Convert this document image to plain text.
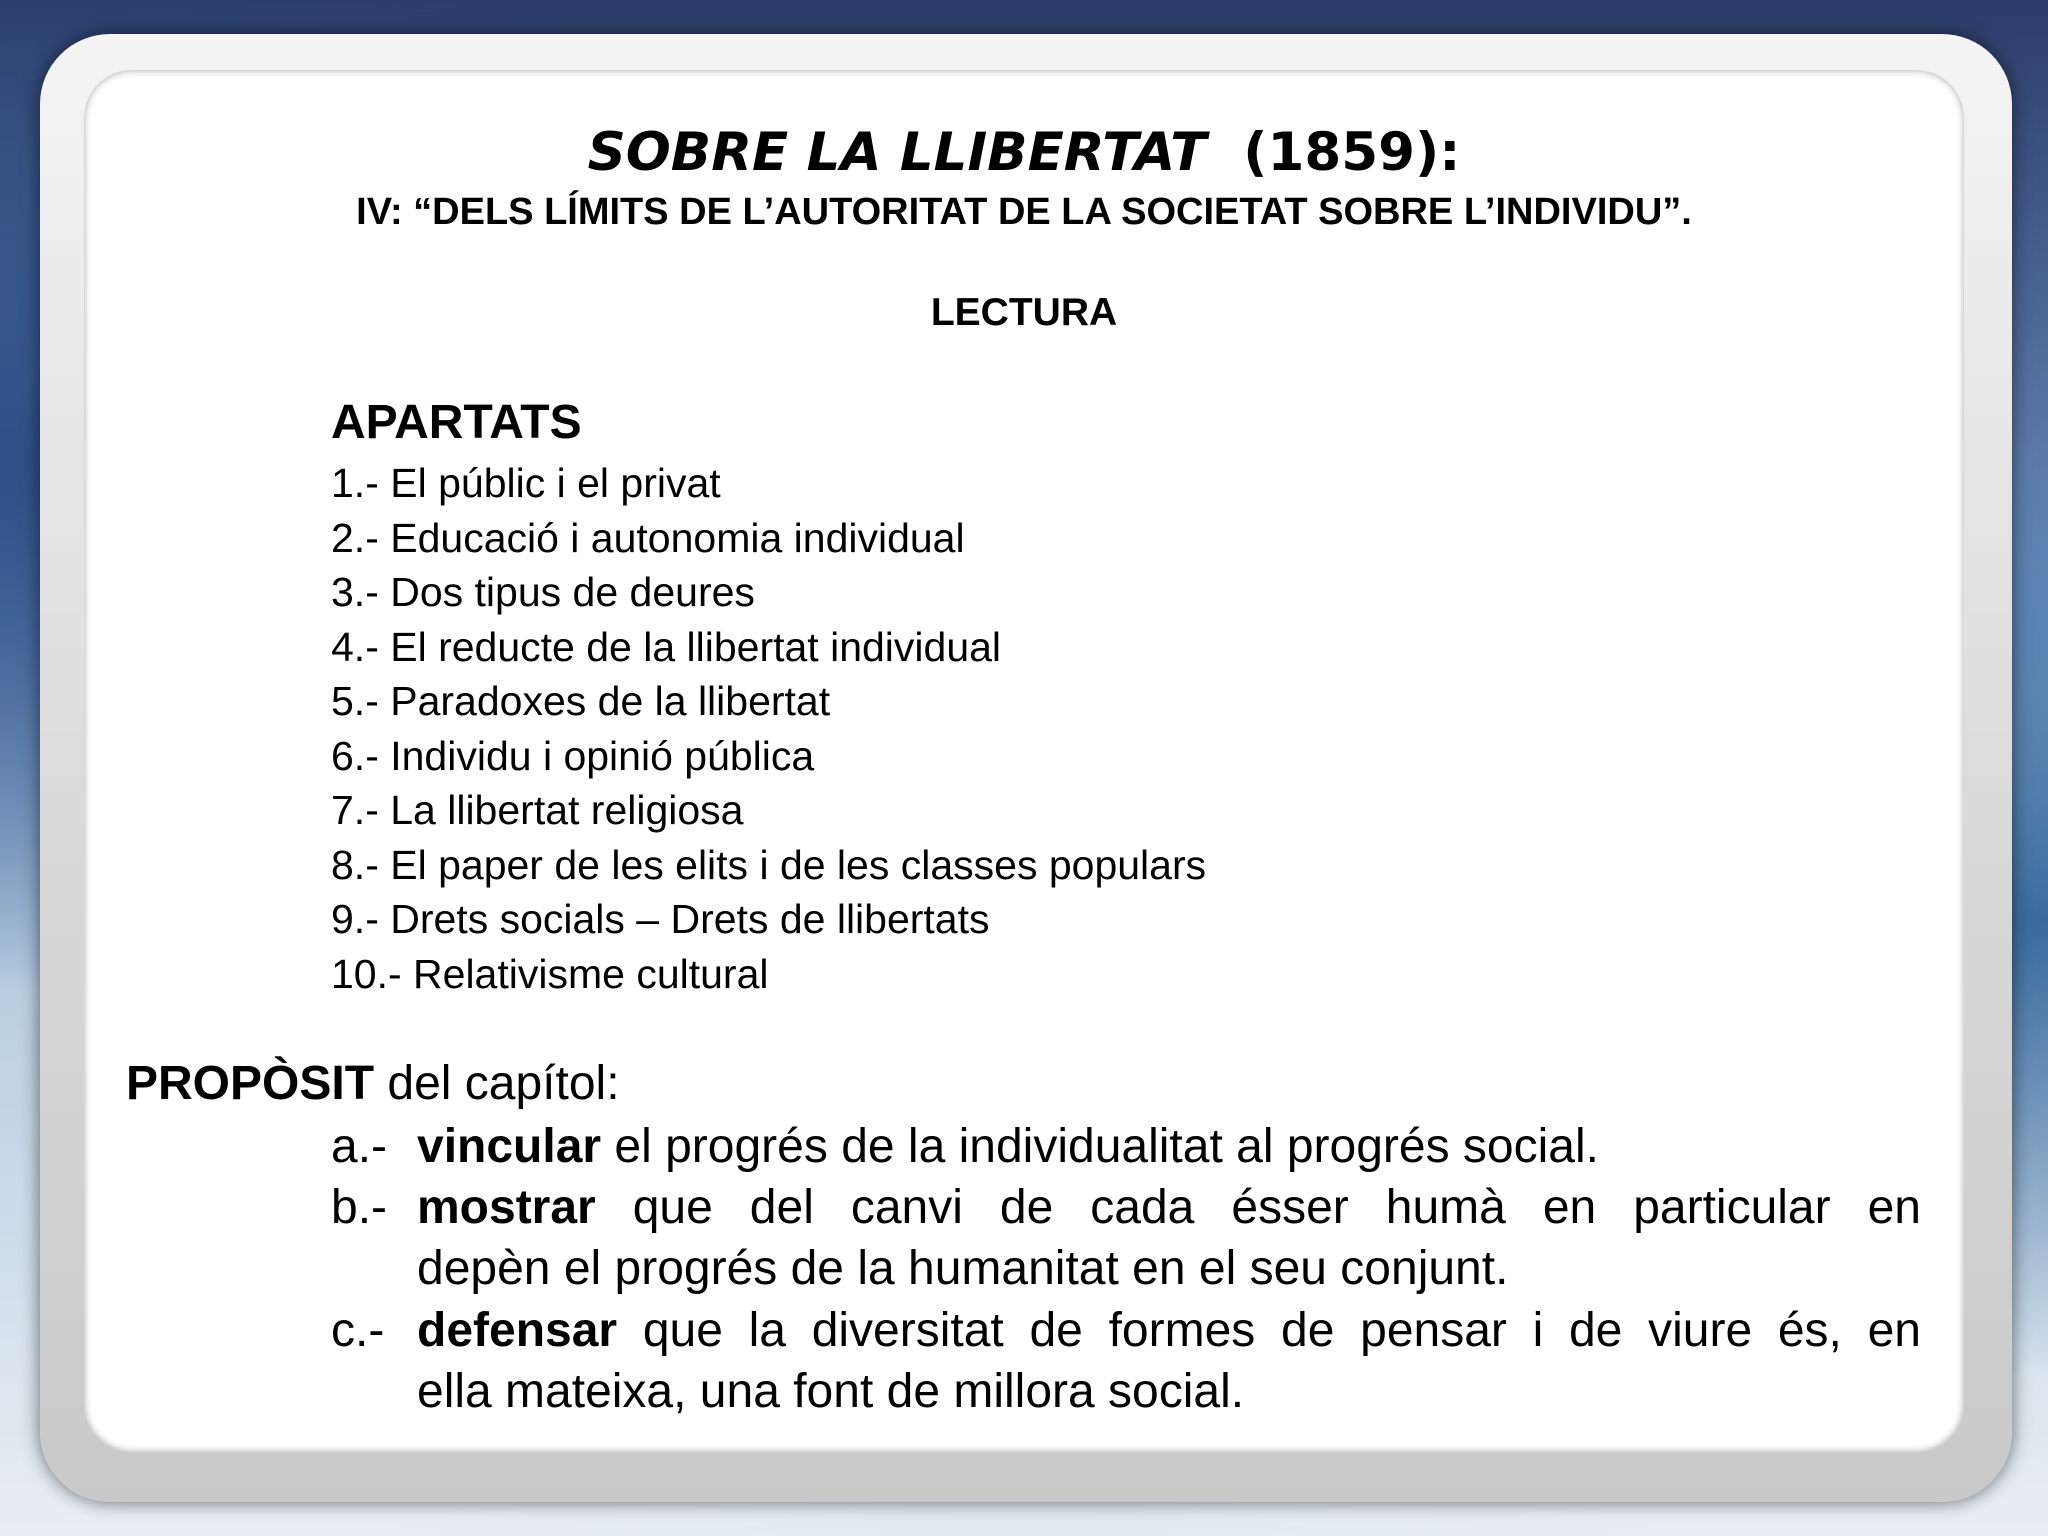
SOBRE LA LLIBERTAT (1859):
IV: “DELS LÍMITS DE L’AUTORITAT DE LA SOCIETAT SOBRE L’INDIVIDU”.
LECTURA
APARTATS
1.- El públic i el privat
2.- Educació i autonomia individual
3.- Dos tipus de deures
4.- El reducte de la llibertat individual
5.- Paradoxes de la llibertat
6.- Individu i opinió pública
7.- La llibertat religiosa
8.- El paper de les elits i de les classes populars
9.- Drets socials – Drets de llibertats
10.- Relativisme cultural
PROPÒSIT del capítol:
a.- vincular el progrés de la individualitat al progrés social.
b.- mostrar que del canvi de cada ésser humà en particular en
depèn el progrés de la humanitat en el seu conjunt.
c.- defensar que la diversitat de formes de pensar i de viure és, en
ella mateixa, una font de millora social.
